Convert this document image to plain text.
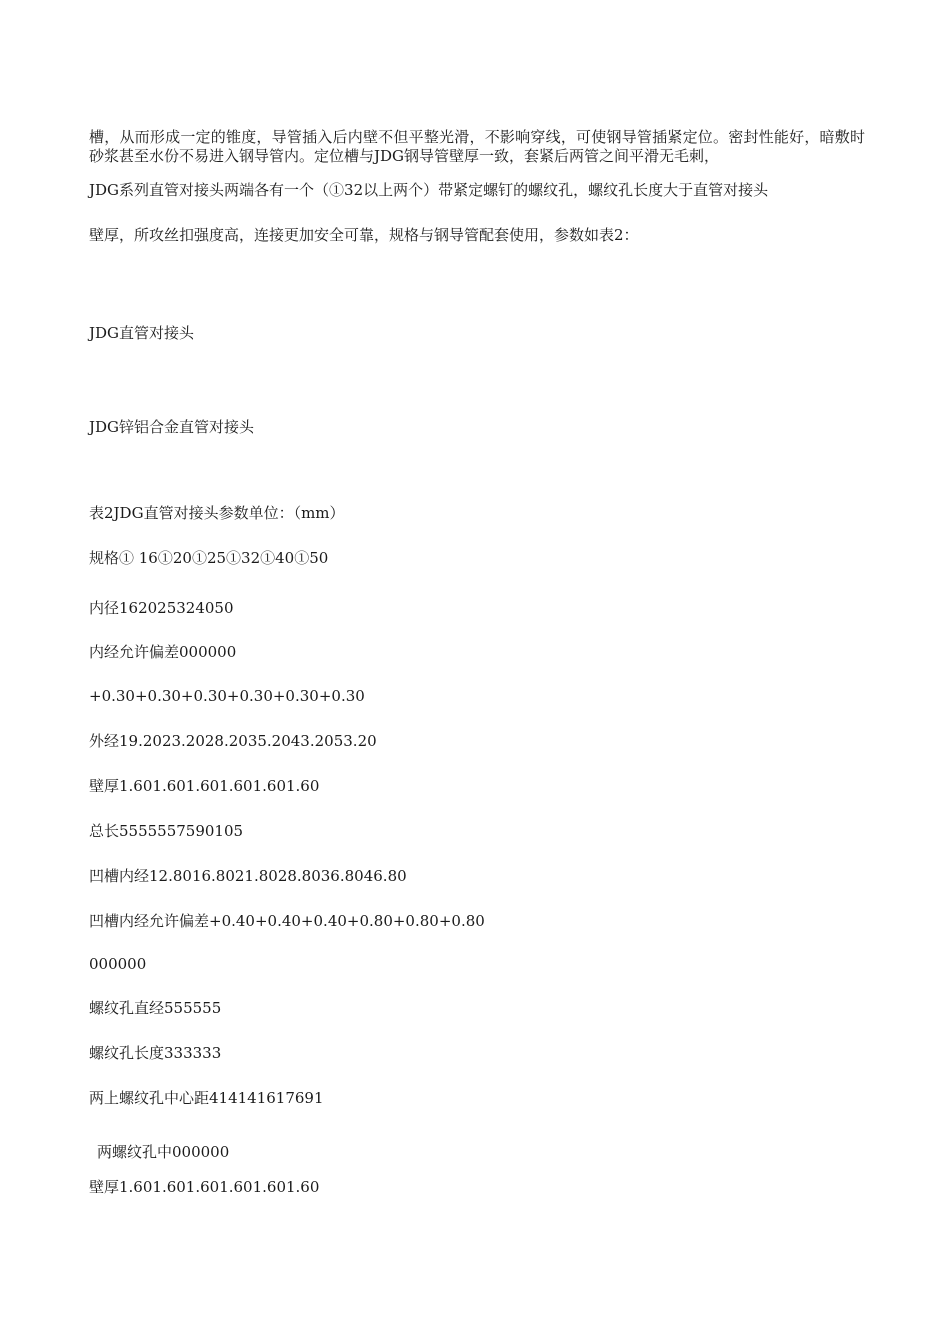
槽，从而形成一定的锥度，导管插入后内壁不但平整光滑，不影响穿线，可使钢导管插紧定位。密封性能好，暗敷时砂浆甚至水份不易进入钢导管内。定位槽与JDG钢导管壁厚一致，套紧后两管之间平滑无毛刺，

JDG系列直管对接头两端各有一个（①32以上两个）带紧定螺钉的螺纹孔，螺纹孔长度大于直管对接头
壁厚，所攻丝扣强度高，连接更加安全可靠，规格与钢导管配套使用，参数如表2：
JDG直管对接头
JDG锌铝合金直管对接头
表2JDG直管对接头参数单位：（mm）
规格① 16①20①25①32①40①50
内径162025324050
内经允许偏差000000
+0.30+0.30+0.30+0.30+0.30+0.30
外经19.2023.2028.2035.2043.2053.20
壁厚1.601.601.601.601.601.60
总长5555557590105
凹槽内经12.8016.8021.8028.8036.8046.80
凹槽内经允许偏差+0.40+0.40+0.40+0.80+0.80+0.80
000000
螺纹孔直经555555
螺纹孔长度333333
两上螺纹孔中心距414141617691
两螺纹孔中000000
壁厚1.601.601.601.601.601.60
